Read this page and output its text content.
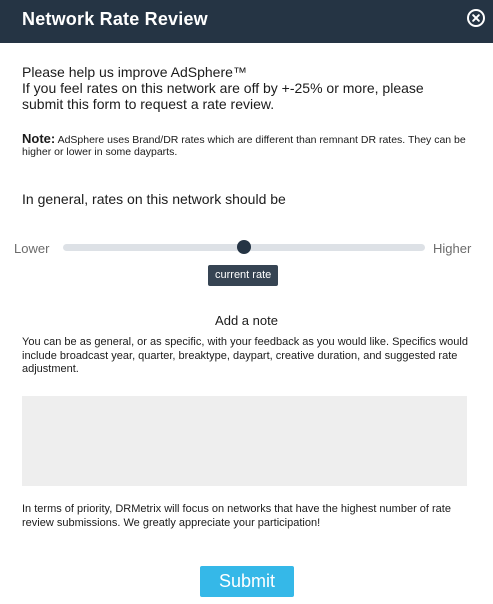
Network Rate Review
Please help us improve AdSphere™
If you feel rates on this network are off by +-25% or more, please
submit this form to request a rate review.
Note: AdSphere uses Brand/DR rates which are different than remnant DR rates. They can be higher or lower in some dayparts.
In general, rates on this network should be
Lower	Higher
current rate
Add a note
You can be as general, or as specific, with your feedback as you would like. Specifics would include broadcast year, quarter, breaktype, daypart, creative duration, and suggested rate adjustment.
In terms of priority, DRMetrix will focus on networks that have the highest number of rate review submissions. We greatly appreciate your participation!
Submit
